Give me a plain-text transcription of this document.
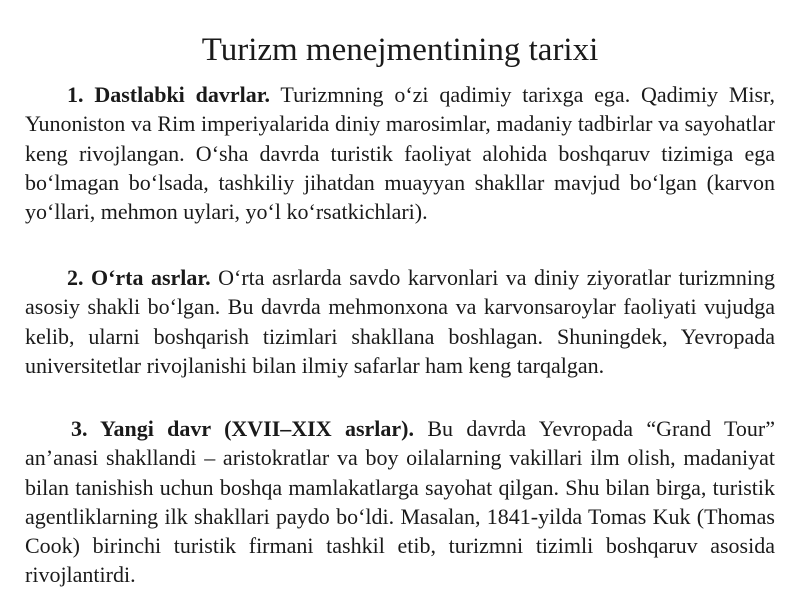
Turizm menejmentining tarixi

1. Dastlabki davrlar. Turizmning o‘zi qadimiy tarixga ega. Qadimiy Misr, Yunoniston va Rim imperiyalarida diniy marosimlar, madaniy tadbirlar va sayohatlar keng rivojlangan. O‘sha davrda turistik faoliyat alohida boshqaruv tizimiga ega bo‘lmagan bo‘lsada, tashkiliy jihatdan muayyan shakllar mavjud bo‘lgan (karvon yo‘llari, mehmon uylari, yo‘l ko‘rsatkichlari).

2. O‘rta asrlar. O‘rta asrlarda savdo karvonlari va diniy ziyoratlar turizmning asosiy shakli bo‘lgan. Bu davrda mehmonxona va karvonsaroylar faoliyati vujudga kelib, ularni boshqarish tizimlari shakllana boshlagan. Shuningdek, Yevropada universitetlar rivojlanishi bilan ilmiy safarlar ham keng tarqalgan.

3. Yangi davr (XVII–XIX asrlar). Bu davrda Yevropada “Grand Tour” an’anasi shakllandi – aristokratlar va boy oilalarning vakillari ilm olish, madaniyat bilan tanishish uchun boshqa mamlakatlarga sayohat qilgan. Shu bilan birga, turistik agentliklarning ilk shakllari paydo bo‘ldi. Masalan, 1841-yilda Tomas Kuk (Thomas Cook) birinchi turistik firmani tashkil etib, turizmni tizimli boshqaruv asosida rivojlantirdi.
